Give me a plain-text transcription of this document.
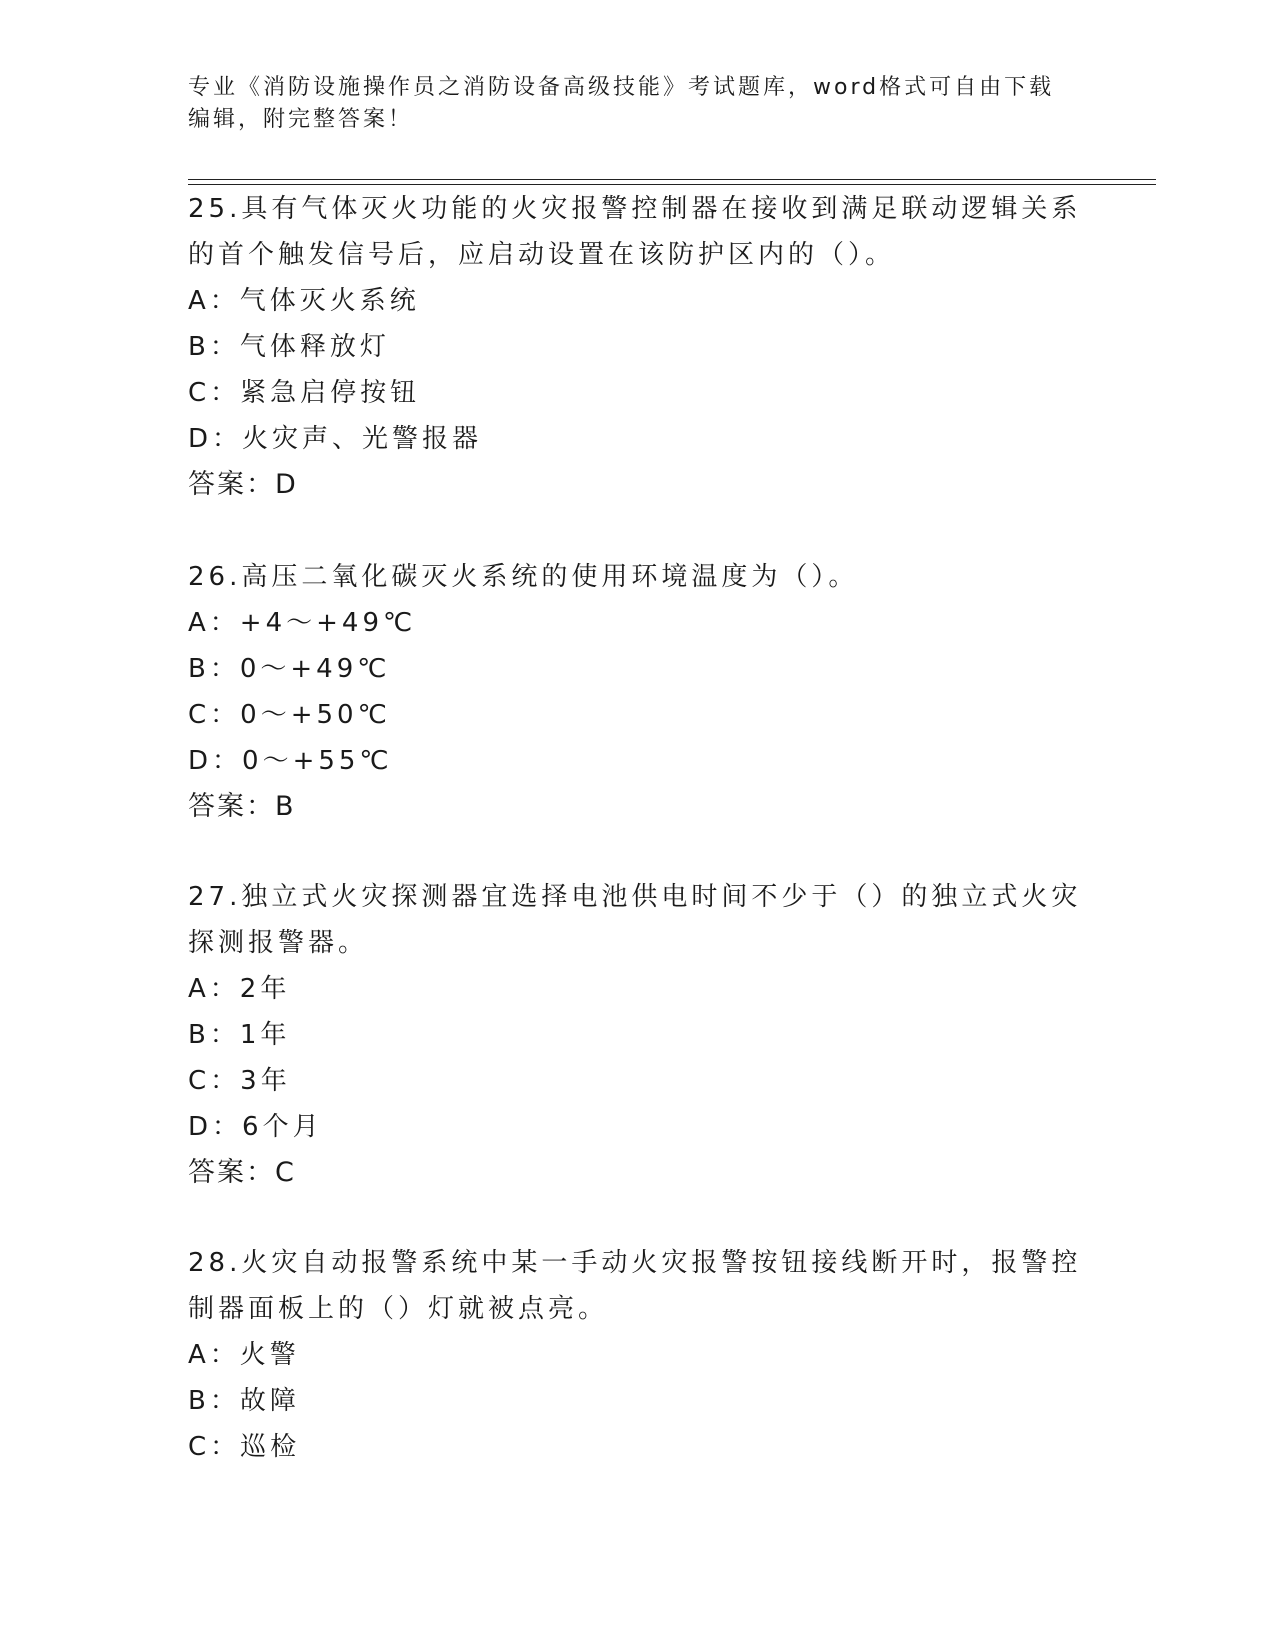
专业《消防设施操作员之消防设备高级技能》考试题库，word格式可自由下载编辑，附完整答案！
25.具有气体灭火功能的火灾报警控制器在接收到满足联动逻辑关系的首个触发信号后，应启动设置在该防护区内的（）。
A：气体灭火系统
B：气体释放灯
C：紧急启停按钮
D：火灾声、光警报器
答案：D
26.高压二氧化碳灭火系统的使用环境温度为（）。
A：+4～+49℃
B：0～+49℃
C：0～+50℃
D：0～+55℃
答案：B
27.独立式火灾探测器宜选择电池供电时间不少于（）的独立式火灾探测报警器。
A：2年
B：1年
C：3年
D：6个月
答案：C
28.火灾自动报警系统中某一手动火灾报警按钮接线断开时，报警控制器面板上的（）灯就被点亮。
A：火警
B：故障
C：巡检
